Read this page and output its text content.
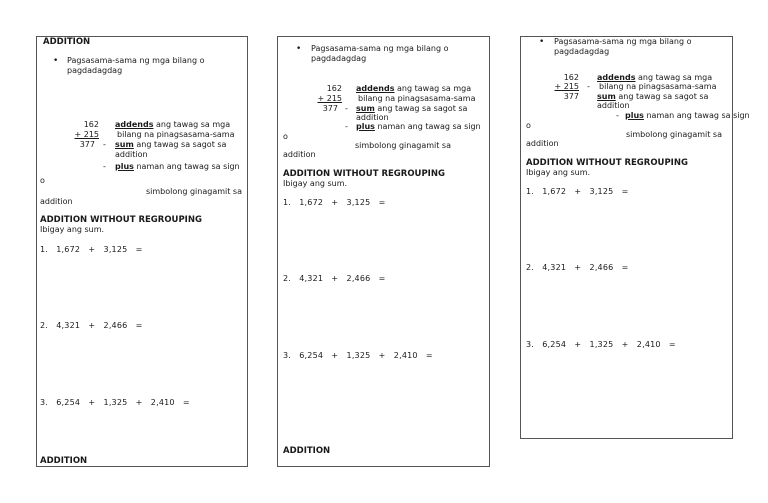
ADDITION
• Pagsasama-sama ng mga bilang o pagdadagdag
162
+ 215
377 -
-
addends ang tawag sa mga
bilang na pinagsasama-sama
sum ang tawag sa sagot sa
addition
plus naman ang tawag sa sign
o
simbolong ginagamit sa
addition
ADDITION WITHOUT REGROUPING
Ibigay ang sum.
1.   1,672   +   3,125   =
2.   4,321   +   2,466   =
3.   6,254   +   1,325   +   2,410   =
ADDITION
• Pagsasama-sama ng mga bilang o pagdadagdag
162
+ 215
377 -
-
addends ang tawag sa mga
bilang na pinagsasama-sama
sum ang tawag sa sagot sa
addition
plus naman ang tawag sa sign
o
simbolong ginagamit sa
addition
ADDITION WITHOUT REGROUPING
Ibigay ang sum.
1.   1,672   +   3,125   =
2.   4,321   +   2,466   =
3.   6,254   +   1,325   +   2,410   =
ADDITION
• Pagsasama-sama ng mga bilang o pagdadagdag
162
+ 215
377
-
-
addends ang tawag sa mga
bilang na pinagsasama-sama
sum ang tawag sa sagot sa
addition
plus naman ang tawag sa sign
o
simbolong ginagamit sa
addition
ADDITION WITHOUT REGROUPING
Ibigay ang sum.
1.   1,672   +   3,125   =
2.   4,321   +   2,466   =
3.   6,254   +   1,325   +   2,410   =
